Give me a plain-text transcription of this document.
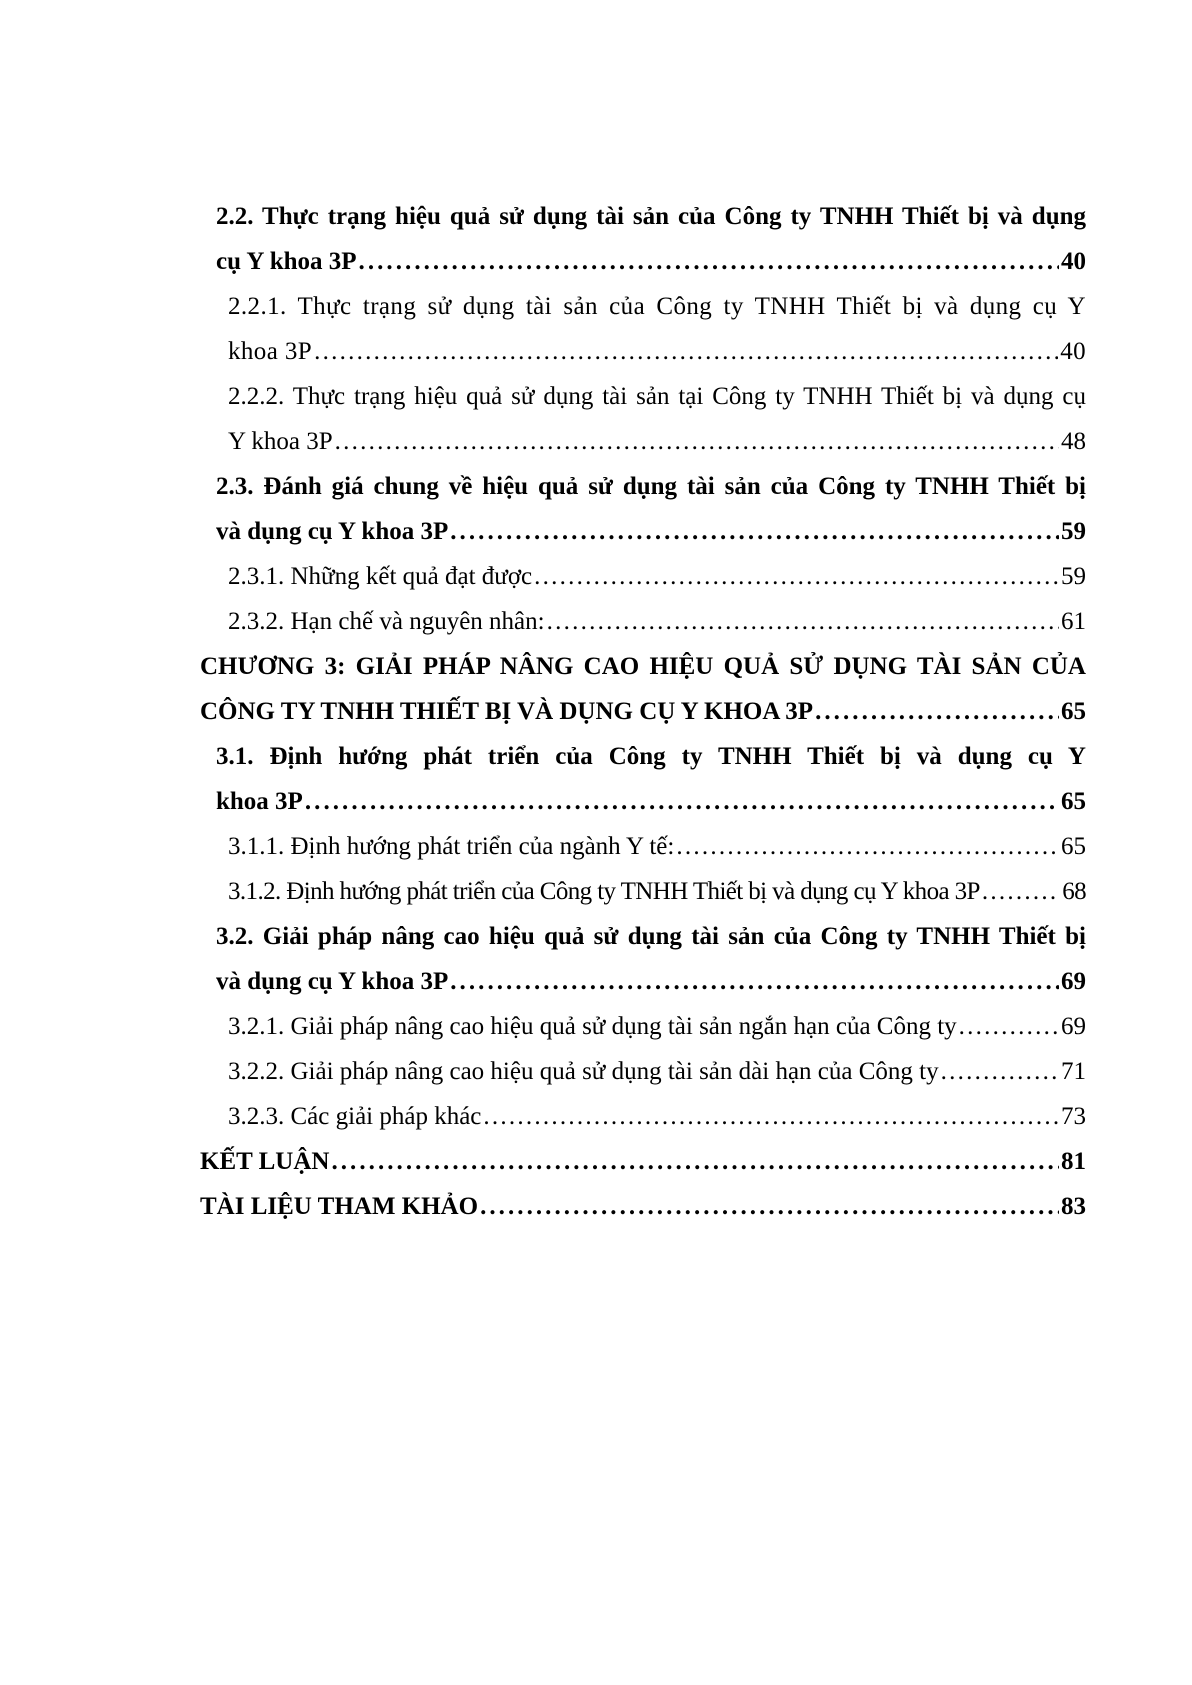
2.2. Thực trạng hiệu quả sử dụng tài sản của Công ty TNHH Thiết bị và dụng
cụ Y khoa 3P . . .	40
2.2.1. Thực trạng sử dụng tài sản của Công ty TNHH Thiết bị và dụng cụ Y
khoa 3P . . .	40
2.2.2. Thực trạng hiệu quả sử dụng tài sản tại Công ty TNHH Thiết bị và dụng cụ
Y khoa 3P . . .	48
2.3. Đánh giá chung về hiệu quả sử dụng tài sản của Công ty TNHH Thiết bị
và dụng cụ Y khoa 3P . . .	59
2.3.1. Những kết quả đạt được . . .	59
2.3.2. Hạn chế và nguyên nhân: . . .	61
CHƯƠNG 3: GIẢI PHÁP NÂNG CAO HIỆU QUẢ SỬ DỤNG TÀI SẢN CỦA
CÔNG TY TNHH THIẾT BỊ VÀ DỤNG CỤ Y KHOA 3P . . .	65
3.1. Định hướng phát triển của Công ty TNHH Thiết bị và dụng cụ Y
khoa 3P . . .	65
3.1.1. Định hướng phát triển của ngành Y tế: . . .	65
3.1.2. Định hướng phát triển của Công ty TNHH Thiết bị và dụng cụ Y khoa 3P . . .	68
3.2. Giải pháp nâng cao hiệu quả sử dụng tài sản của Công ty TNHH Thiết bị
và dụng cụ Y khoa 3P . . .	69
3.2.1. Giải pháp nâng cao hiệu quả sử dụng tài sản ngắn hạn của Công ty . . .	69
3.2.2. Giải pháp nâng cao hiệu quả sử dụng tài sản dài hạn của Công ty . . .	71
3.2.3. Các giải pháp khác . . .	73
KẾT LUẬN . . .	81
TÀI LIỆU THAM KHẢO . . .	83
